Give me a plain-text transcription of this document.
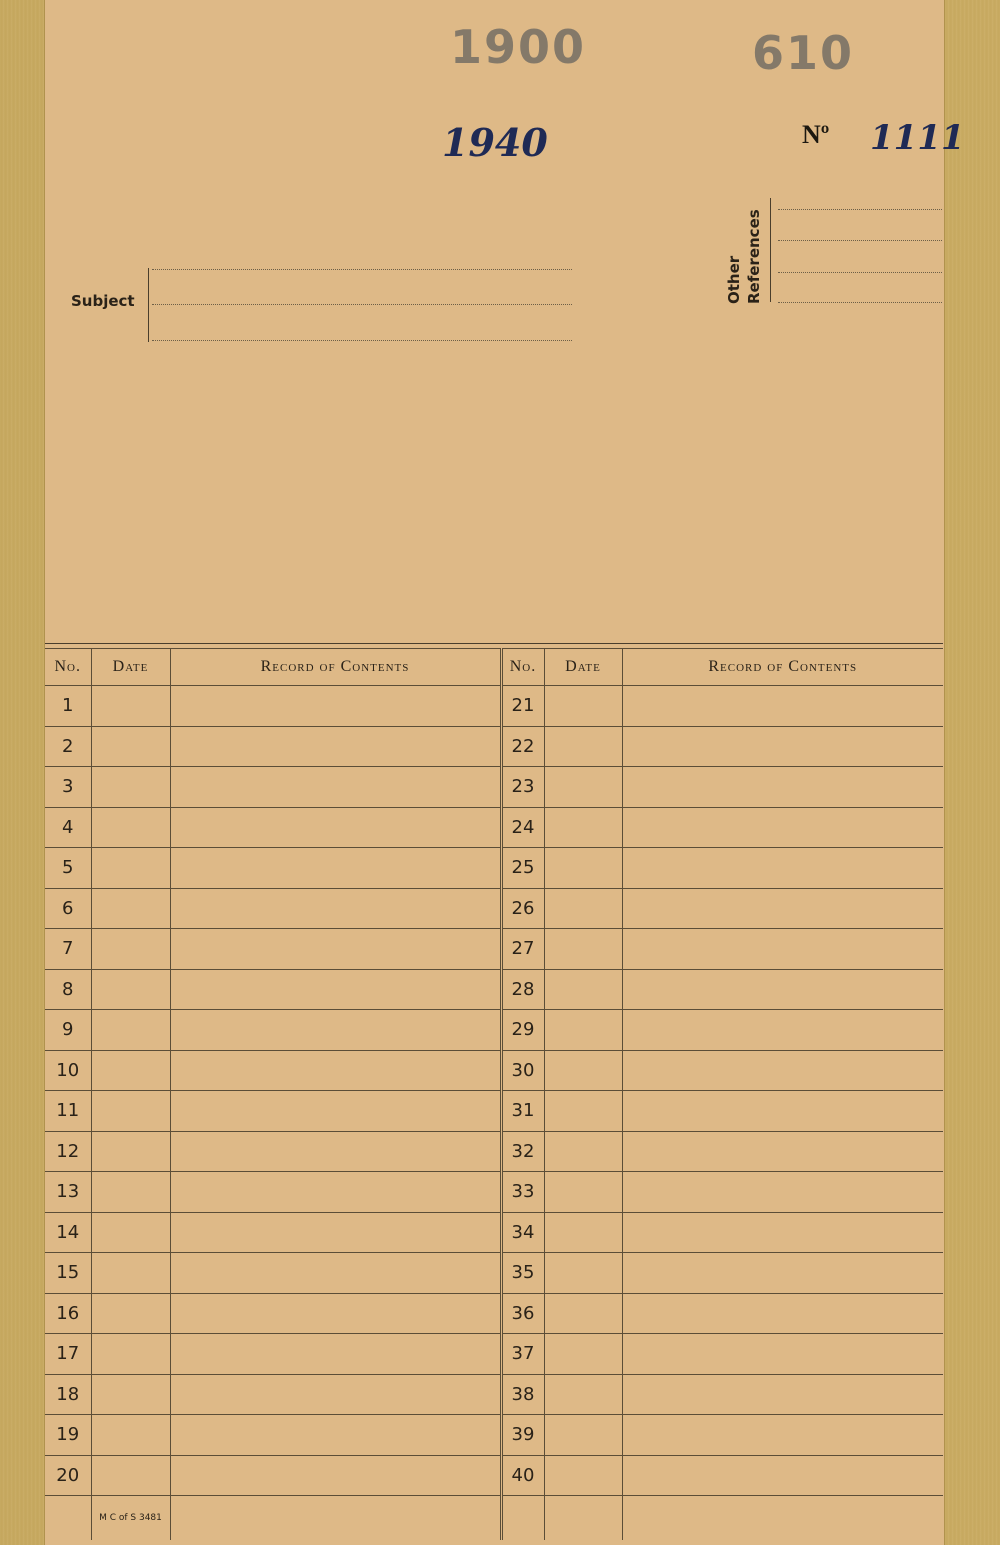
1900	610

1940	Nº 1111

Other References

Subject

No.	Date	Record of Contents	No.	Date	Record of Contents
1			21		
2			22		
3			23		
4			24		
5			25		
6			26		
7			27		
8			28		
9			29		
10			30		
11			31		
12			32		
13			33		
14			34		
15			35		
16			36		
17			37		
18			38		
19			39		
20			40		
	M C of S 3481				
